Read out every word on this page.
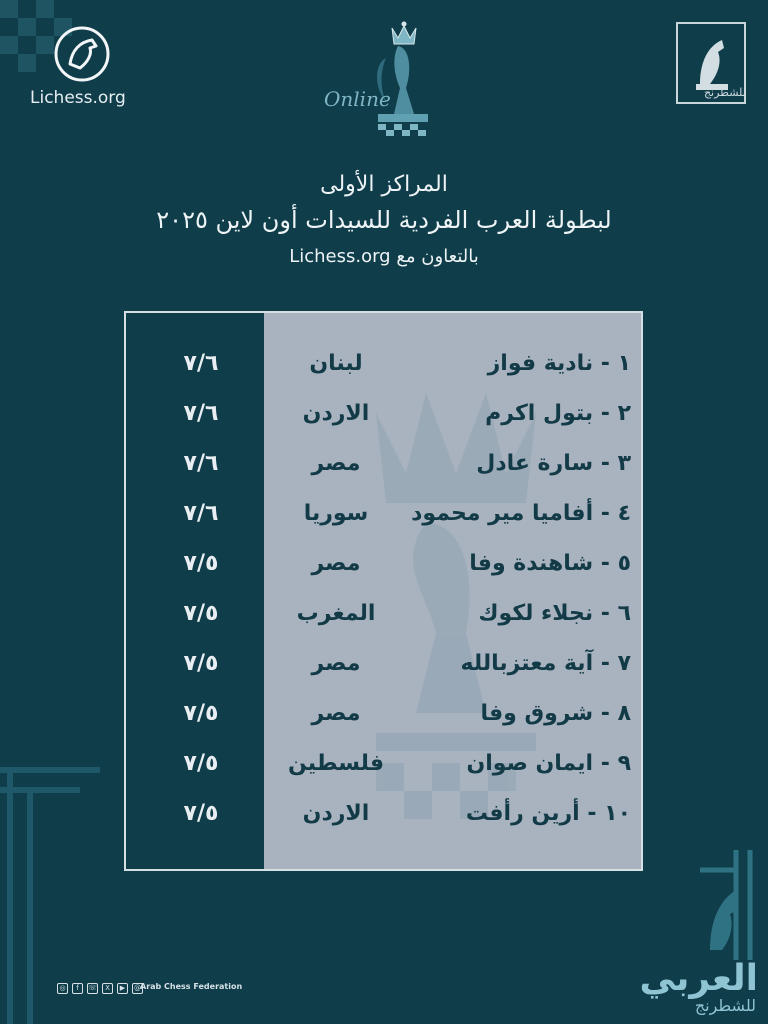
Lichess.org	Online	للشطرنج
المراكز الأولى
لبطولة العرب الفردية للسيدات أون لاين ٢٠٢٥
بالتعاون مع Lichess.org
٧/٦	لبنان	١ - نادية فواز
٧/٦	الاردن	٢ - بتول اكرم
٧/٦	مصر	٣ - سارة عادل
٧/٦	سوريا	٤ - أفاميا مير محمود
٧/٥	مصر	٥ - شاهندة وفا
٧/٥	المغرب	٦ - نجلاء لكوك
٧/٥	مصر	٧ - آية معتزبالله
٧/٥	مصر	٨ - شروق وفا
٧/٥	فلسطين	٩ - ايمان صوان
٧/٥	الاردن	١٠ - أرين رأفت
◎	f	☏	X	▶	@ Arab Chess Federation	العربي
للشطرنج
